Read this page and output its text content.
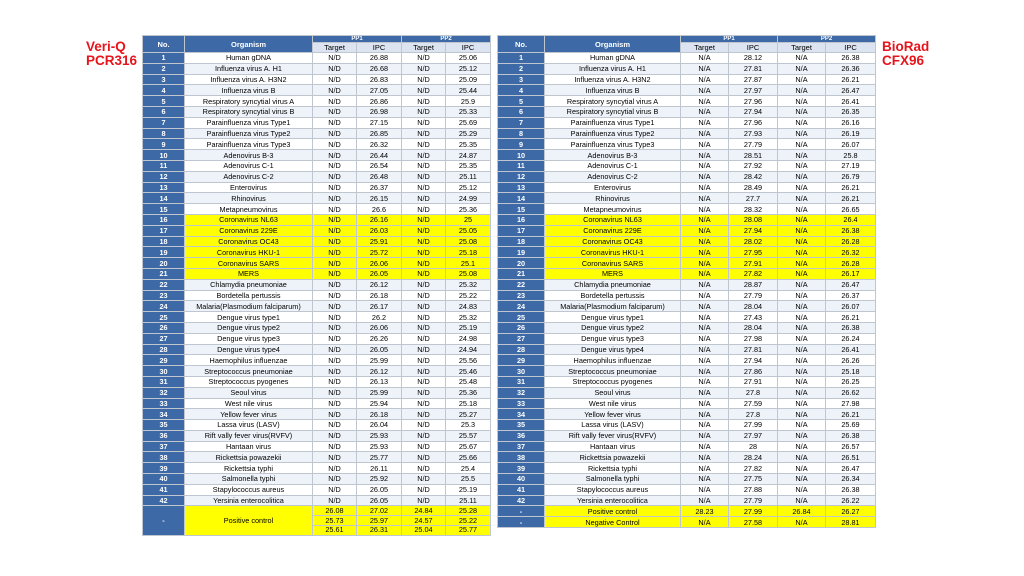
Veri-Q
PCR316
No.	Organism	PP1		PP2	
		Target	IPC	Target	IPC
1	Human gDNA	N/D	26.88	N/D	25.06
2	Influenza virus A. H1	N/D	26.68	N/D	25.12
3	Influenza virus A. H3N2	N/D	26.83	N/D	25.09
4	Influenza virus B	N/D	27.05	N/D	25.44
5	Respiratory syncytial virus A	N/D	26.86	N/D	25.9
6	Respiratory syncytial virus B	N/D	26.98	N/D	25.33
7	Parainfluenza virus Type1	N/D	27.15	N/D	25.69
8	Parainfluenza virus Type2	N/D	26.85	N/D	25.29
9	Parainfluenza virus Type3	N/D	26.32	N/D	25.35
10	Adenovirus B-3	N/D	26.44	N/D	24.87
11	Adenovirus C-1	N/D	26.54	N/D	25.35
12	Adenovirus C-2	N/D	26.48	N/D	25.11
13	Enterovirus	N/D	26.37	N/D	25.12
14	Rhinovirus	N/D	26.15	N/D	24.99
15	Metapneumovirus	N/D	26.6	N/D	25.36
16	Coronavirus NL63	N/D	26.16	N/D	25
17	Coronavirus 229E	N/D	26.03	N/D	25.05
18	Coronavirus OC43	N/D	25.91	N/D	25.08
19	Coronavirus HKU-1	N/D	25.72	N/D	25.18
20	Coronavirus SARS	N/D	26.06	N/D	25.1
21	MERS	N/D	26.05	N/D	25.08
22	Chlamydia pneumoniae	N/D	26.12	N/D	25.32
23	Bordetella pertussis	N/D	26.18	N/D	25.22
24	Malaria(Plasmodium falciparum)	N/D	26.17	N/D	24.83
25	Dengue virus type1	N/D	26.2	N/D	25.32
26	Dengue virus type2	N/D	26.06	N/D	25.19
27	Dengue virus type3	N/D	26.26	N/D	24.98
28	Dengue virus type4	N/D	26.05	N/D	24.94
29	Haemophilus influenzae	N/D	25.99	N/D	25.56
30	Streptococcus pneumoniae	N/D	26.12	N/D	25.46
31	Streptococcus pyogenes	N/D	26.13	N/D	25.48
32	Seoul virus	N/D	25.99	N/D	25.36
33	West nile virus	N/D	25.94	N/D	25.18
34	Yellow fever virus	N/D	26.18	N/D	25.27
35	Lassa virus (LASV)	N/D	26.04	N/D	25.3
36	Rift vally fever virus(RVFV)	N/D	25.93	N/D	25.57
37	Hantaan virus	N/D	25.93	N/D	25.67
38	Rickettsia powazekii	N/D	25.77	N/D	25.66
39	Rickettsia typhi	N/D	26.11	N/D	25.4
40	Salmonella typhi	N/D	25.92	N/D	25.5
41	Stapylococcus aureus	N/D	26.05	N/D	25.19
42	Yersinia enterocolitica	N/D	26.05	N/D	25.11
-	Positive control	26.08	27.02	24.84	25.28
		25.73	25.97	24.57	25.22
		25.61	26.31	25.04	25.77
No.	Organism	PP1		PP2	
		Target	IPC	Target	IPC
1	Human gDNA	N/A	28.12	N/A	26.38
2	Influenza virus A. H1	N/A	27.81	N/A	26.36
3	Influenza virus A. H3N2	N/A	27.87	N/A	26.21
4	Influenza virus B	N/A	27.97	N/A	26.47
5	Respiratory syncytial virus A	N/A	27.96	N/A	26.41
6	Respiratory syncytial virus B	N/A	27.94	N/A	26.35
7	Parainfluenza virus Type1	N/A	27.96	N/A	26.16
8	Parainfluenza virus Type2	N/A	27.93	N/A	26.19
9	Parainfluenza virus Type3	N/A	27.79	N/A	26.07
10	Adenovirus B-3	N/A	28.51	N/A	25.8
11	Adenovirus C-1	N/A	27.92	N/A	27.19
12	Adenovirus C-2	N/A	28.42	N/A	26.79
13	Enterovirus	N/A	28.49	N/A	26.21
14	Rhinovirus	N/A	27.7	N/A	26.21
15	Metapneumovirus	N/A	28.32	N/A	26.65
16	Coronavirus NL63	N/A	28.08	N/A	26.4
17	Coronavirus 229E	N/A	27.94	N/A	26.38
18	Coronavirus OC43	N/A	28.02	N/A	26.28
19	Coronavirus HKU-1	N/A	27.95	N/A	26.32
20	Coronavirus SARS	N/A	27.91	N/A	26.28
21	MERS	N/A	27.82	N/A	26.17
22	Chlamydia pneumoniae	N/A	28.87	N/A	26.47
23	Bordetella pertussis	N/A	27.79	N/A	26.37
24	Malaria(Plasmodium falciparum)	N/A	28.04	N/A	26.07
25	Dengue virus type1	N/A	27.43	N/A	26.21
26	Dengue virus type2	N/A	28.04	N/A	26.38
27	Dengue virus type3	N/A	27.98	N/A	26.24
28	Dengue virus type4	N/A	27.81	N/A	26.41
29	Haemophilus influenzae	N/A	27.94	N/A	26.26
30	Streptococcus pneumoniae	N/A	27.86	N/A	25.18
31	Streptococcus pyogenes	N/A	27.91	N/A	26.25
32	Seoul virus	N/A	27.8	N/A	26.62
33	West nile virus	N/A	27.59	N/A	27.98
34	Yellow fever virus	N/A	27.8	N/A	26.21
35	Lassa virus (LASV)	N/A	27.99	N/A	25.69
36	Rift vally fever virus(RVFV)	N/A	27.97	N/A	26.38
37	Hantaan virus	N/A	28	N/A	26.57
38	Rickettsia powazekii	N/A	28.24	N/A	26.51
39	Rickettsia typhi	N/A	27.82	N/A	26.47
40	Salmonella typhi	N/A	27.75	N/A	26.34
41	Stapylococcus aureus	N/A	27.88	N/A	26.38
42	Yersinia enterocolitica	N/A	27.79	N/A	26.22
-	Positive control	28.23	27.99	26.84	26.27
-	Negative Control	N/A	27.58	N/A	28.81
BioRad
CFX96
